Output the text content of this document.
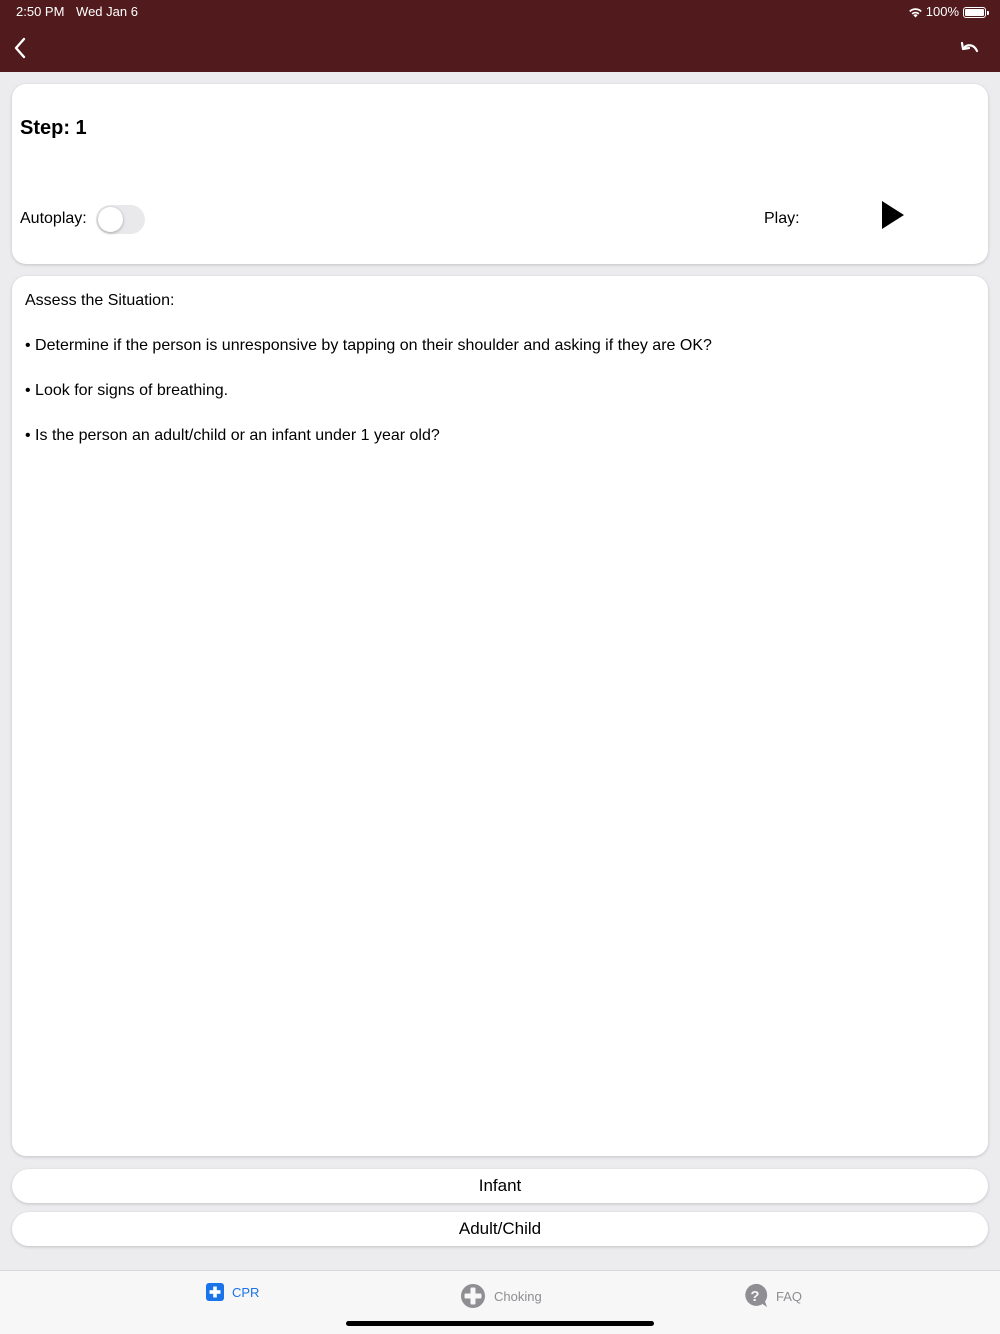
2:50 PM Wed Jan 6	100%
Step: 1
Autoplay:	Play:

Assess the Situation:

• Determine if the person is unresponsive by tapping on their shoulder and asking if they are OK?

• Look for signs of breathing.

• Is the person an adult/child or an infant under 1 year old?

Infant
Adult/Child
CPR	Choking	? FAQ
